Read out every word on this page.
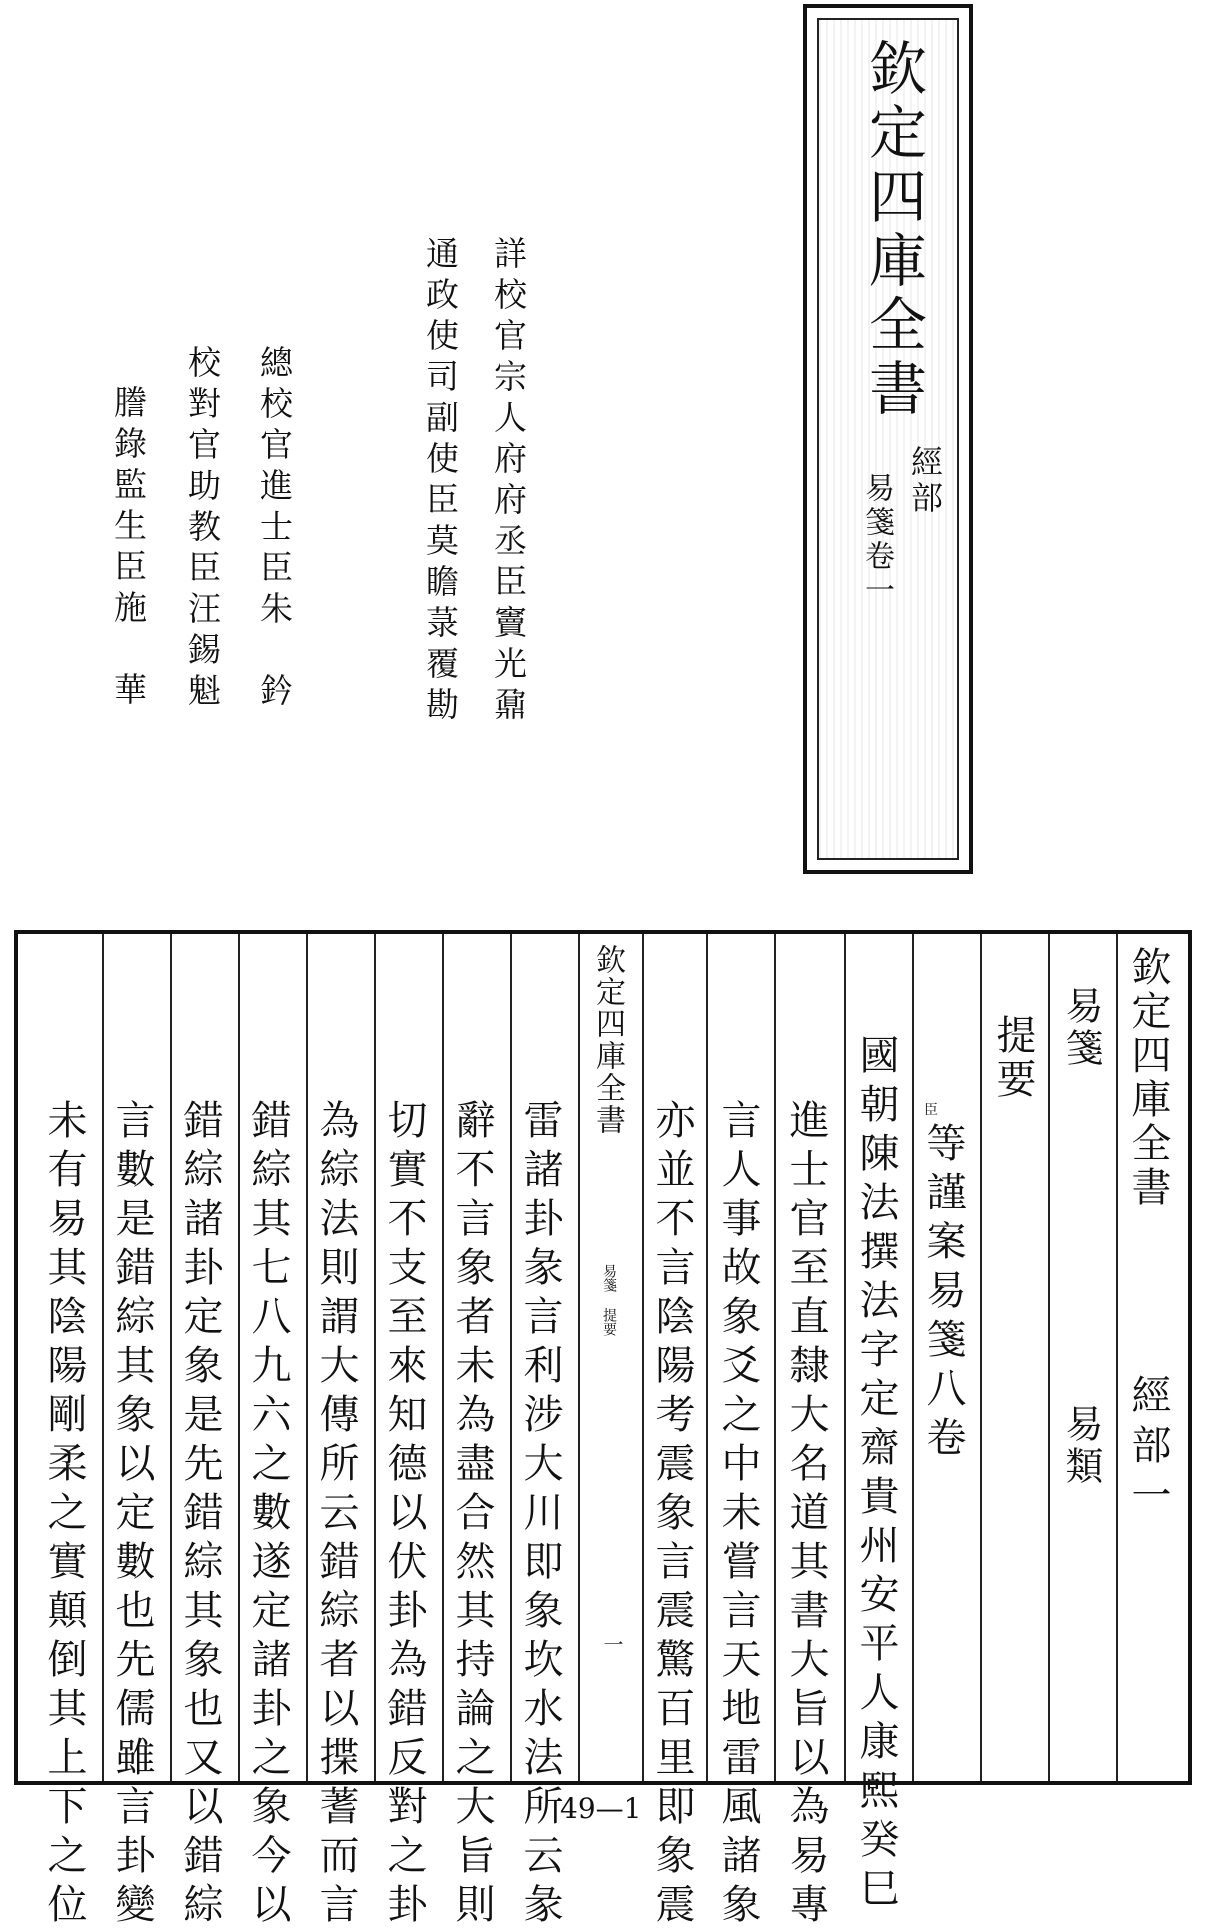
欽定四庫全書
經部
易箋卷一
詳校官宗人府府丞臣竇光鼐
通政使司副使臣莫瞻菉覆勘
總校官進士臣朱　鈐
校對官助教臣汪錫魁
謄錄監生臣施　華
欽定四庫全書
經部一
易箋
易類
提要
臣
等謹案易箋八卷
國朝陳法撰法字定齋貴州安平人康熙癸巳
進士官至直隸大名道其書大旨以為易專
言人事故象爻之中未嘗言天地雷風諸象
亦並不言陰陽考震象言震驚百里即象震
欽定四庫全書
易箋 提要
一
雷諸卦彖言利涉大川即象坎水法所云彖
辭不言象者未為盡合然其持論之大旨則
切實不支至來知德以伏卦為錯反對之卦
為綜法則謂大傳所云錯綜者以揲蓍而言
錯綜其七八九六之數遂定諸卦之象今以
錯綜諸卦定象是先錯綜其象也又以錯綜
言數是錯綜其象以定數也先儒雖言卦變
未有易其陰陽剛柔之實顛倒其上下之位	49—1
